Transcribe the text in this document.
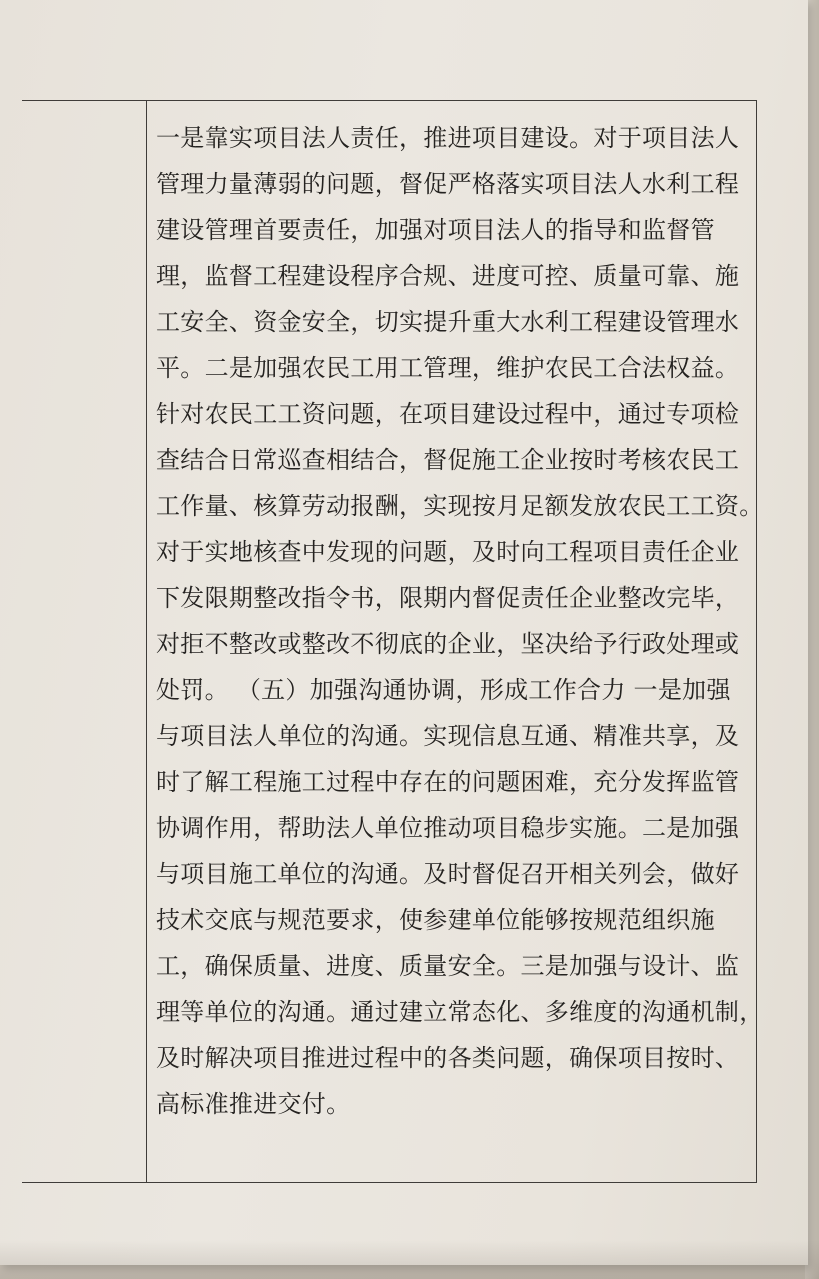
一是靠实项目法人责任，推进项目建设。对于项目法人
管理力量薄弱的问题，督促严格落实项目法人水利工程
建设管理首要责任，加强对项目法人的指导和监督管
理，监督工程建设程序合规、进度可控、质量可靠、施
工安全、资金安全，切实提升重大水利工程建设管理水
平。二是加强农民工用工管理，维护农民工合法权益。
针对农民工工资问题，在项目建设过程中，通过专项检
查结合日常巡查相结合，督促施工企业按时考核农民工
工作量、核算劳动报酬，实现按月足额发放农民工工资。
对于实地核查中发现的问题，及时向工程项目责任企业
下发限期整改指令书，限期内督促责任企业整改完毕，
对拒不整改或整改不彻底的企业，坚决给予行政处理或
处罚。 （五）加强沟通协调，形成工作合力 一是加强
与项目法人单位的沟通。实现信息互通、精准共享，及
时了解工程施工过程中存在的问题困难，充分发挥监管
协调作用，帮助法人单位推动项目稳步实施。二是加强
与项目施工单位的沟通。及时督促召开相关列会，做好
技术交底与规范要求，使参建单位能够按规范组织施
工，确保质量、进度、质量安全。三是加强与设计、监
理等单位的沟通。通过建立常态化、多维度的沟通机制，
及时解决项目推进过程中的各类问题，确保项目按时、
高标准推进交付。
